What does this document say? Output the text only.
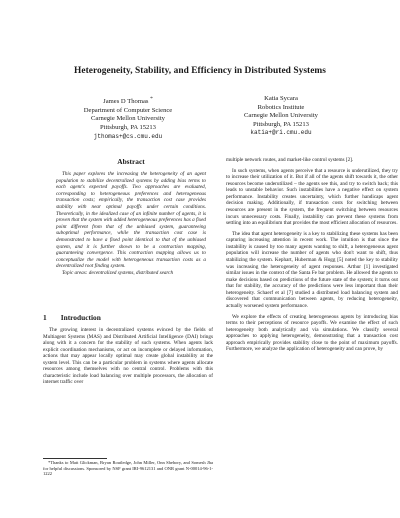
Heterogeneity, Stability, and Efficiency in Distributed Systems
James D Thomas *
Department of Computer Science
Carnegie Mellon University
Pittsburgh, PA 15213
jthomas+@cs.cmu.edu
Katia Sycara
Robotics Institute
Carnegie Mellon University
Pittsburgh, PA 15213
katia+@ri.cmu.edu
Abstract

This paper explores the increasing the heterogeneity of an agent population to stabilize decentralized systems by adding bias terms to each agent's expected payoffs. Two approaches are evaluated, corresponding to heterogeneous preferences and heterogeneous transaction costs; empirically, the transaction cost case provides stability with near optimal payoffs under certain conditions. Theoretically, in the idealized case of an infinite number of agents, it is proven that the system with added heterogeneous preferences has a fixed point different from that of the unbiased system, guaranteeing suboptimal performance, while the transaction cost case is demonstrated to have a fixed point identical to that of the unbiased system, and it is further shown to be a contraction mapping, guaranteeing convergence. This contraction mapping allows us to conceptualize the model with heterogeneous transaction costs as a decentralized root finding system.

Topic areas: decentralized systems, distributed search

1 Introduction

The growing interest in decentralized systems evinced by the fields of Multiagent Systems (MAS) and Distributed Artificial Intelligence (DAI) brings along with it a concern for the stability of such systems. When agents lack explicit coordination mechanisms, or act on incomplete or delayed information, actions that may appear locally optimal may create global instability at the system level. This can be a particular problem in systems where agents allocate resources among themselves with no central control. Problems with this characteristic include load balancing over multiple processors, the allocation of internet traffic over

*Thanks to Matt Glickman, Bryan Routledge, John Miller, Onn Shehory, and Somesh Jha for helpful discussions. Sponsored by NSF grant IRI-9612131 and ONR grant N-00014-96-1-1222

multiple network routes, and market-like control systems [2].

In such systems, when agents perceive that a resource is underutilized, they try to increase their utilization of it. But if all of the agents shift towards it, the other resources become underutilized – the agents see this, and try to switch back; this leads to unstable behavior. Such instabilities have a negative effect on system performance. Instability creates uncertainty, which further handicaps agent decision making. Additionally, if transaction costs for switching between resources are present in the system, the frequent switching between resources incurs unnecessary costs. Finally, instability can prevent these systems from settling into an equilibrium that provides the most efficient allocation of resources.

The idea that agent heterogeneity is a key to stabilizing these systems has been capturing increasing attention in recent work. The intuition is that since the instability is caused by too many agents wanting to shift, a heterogeneous agent population will increase the number of agents who don't want to shift, thus stabilizing the system. Kephart, Huberman & Hogg [5] noted the key to stability was increasing the heterogeneity of agent responses. Arthur [1] investigated similar issues in the context of the Santa Fe bar problem. He allowed the agents to make decisions based on predictions of the future state of the system; it turns out that for stability, the accuracy of the predictions were less important than their heterogeneity. Schaerf et al [7] studied a distributed load balancing system and discovered that communication between agents, by reducing heterogeneity, actually worsened system performance.

We explore the effects of creating heterogeneous agents by introducing bias terms to their perceptions of resource payoffs. We examine the effect of such heterogeneity both analytically and via simulations. We classify several approaches to applying heterogeneity, demonstrating that a transaction cost approach empirically provides stability close to the point of maximum payoffs. Furthermore, we analyze the application of heterogeneity and can prove, by
